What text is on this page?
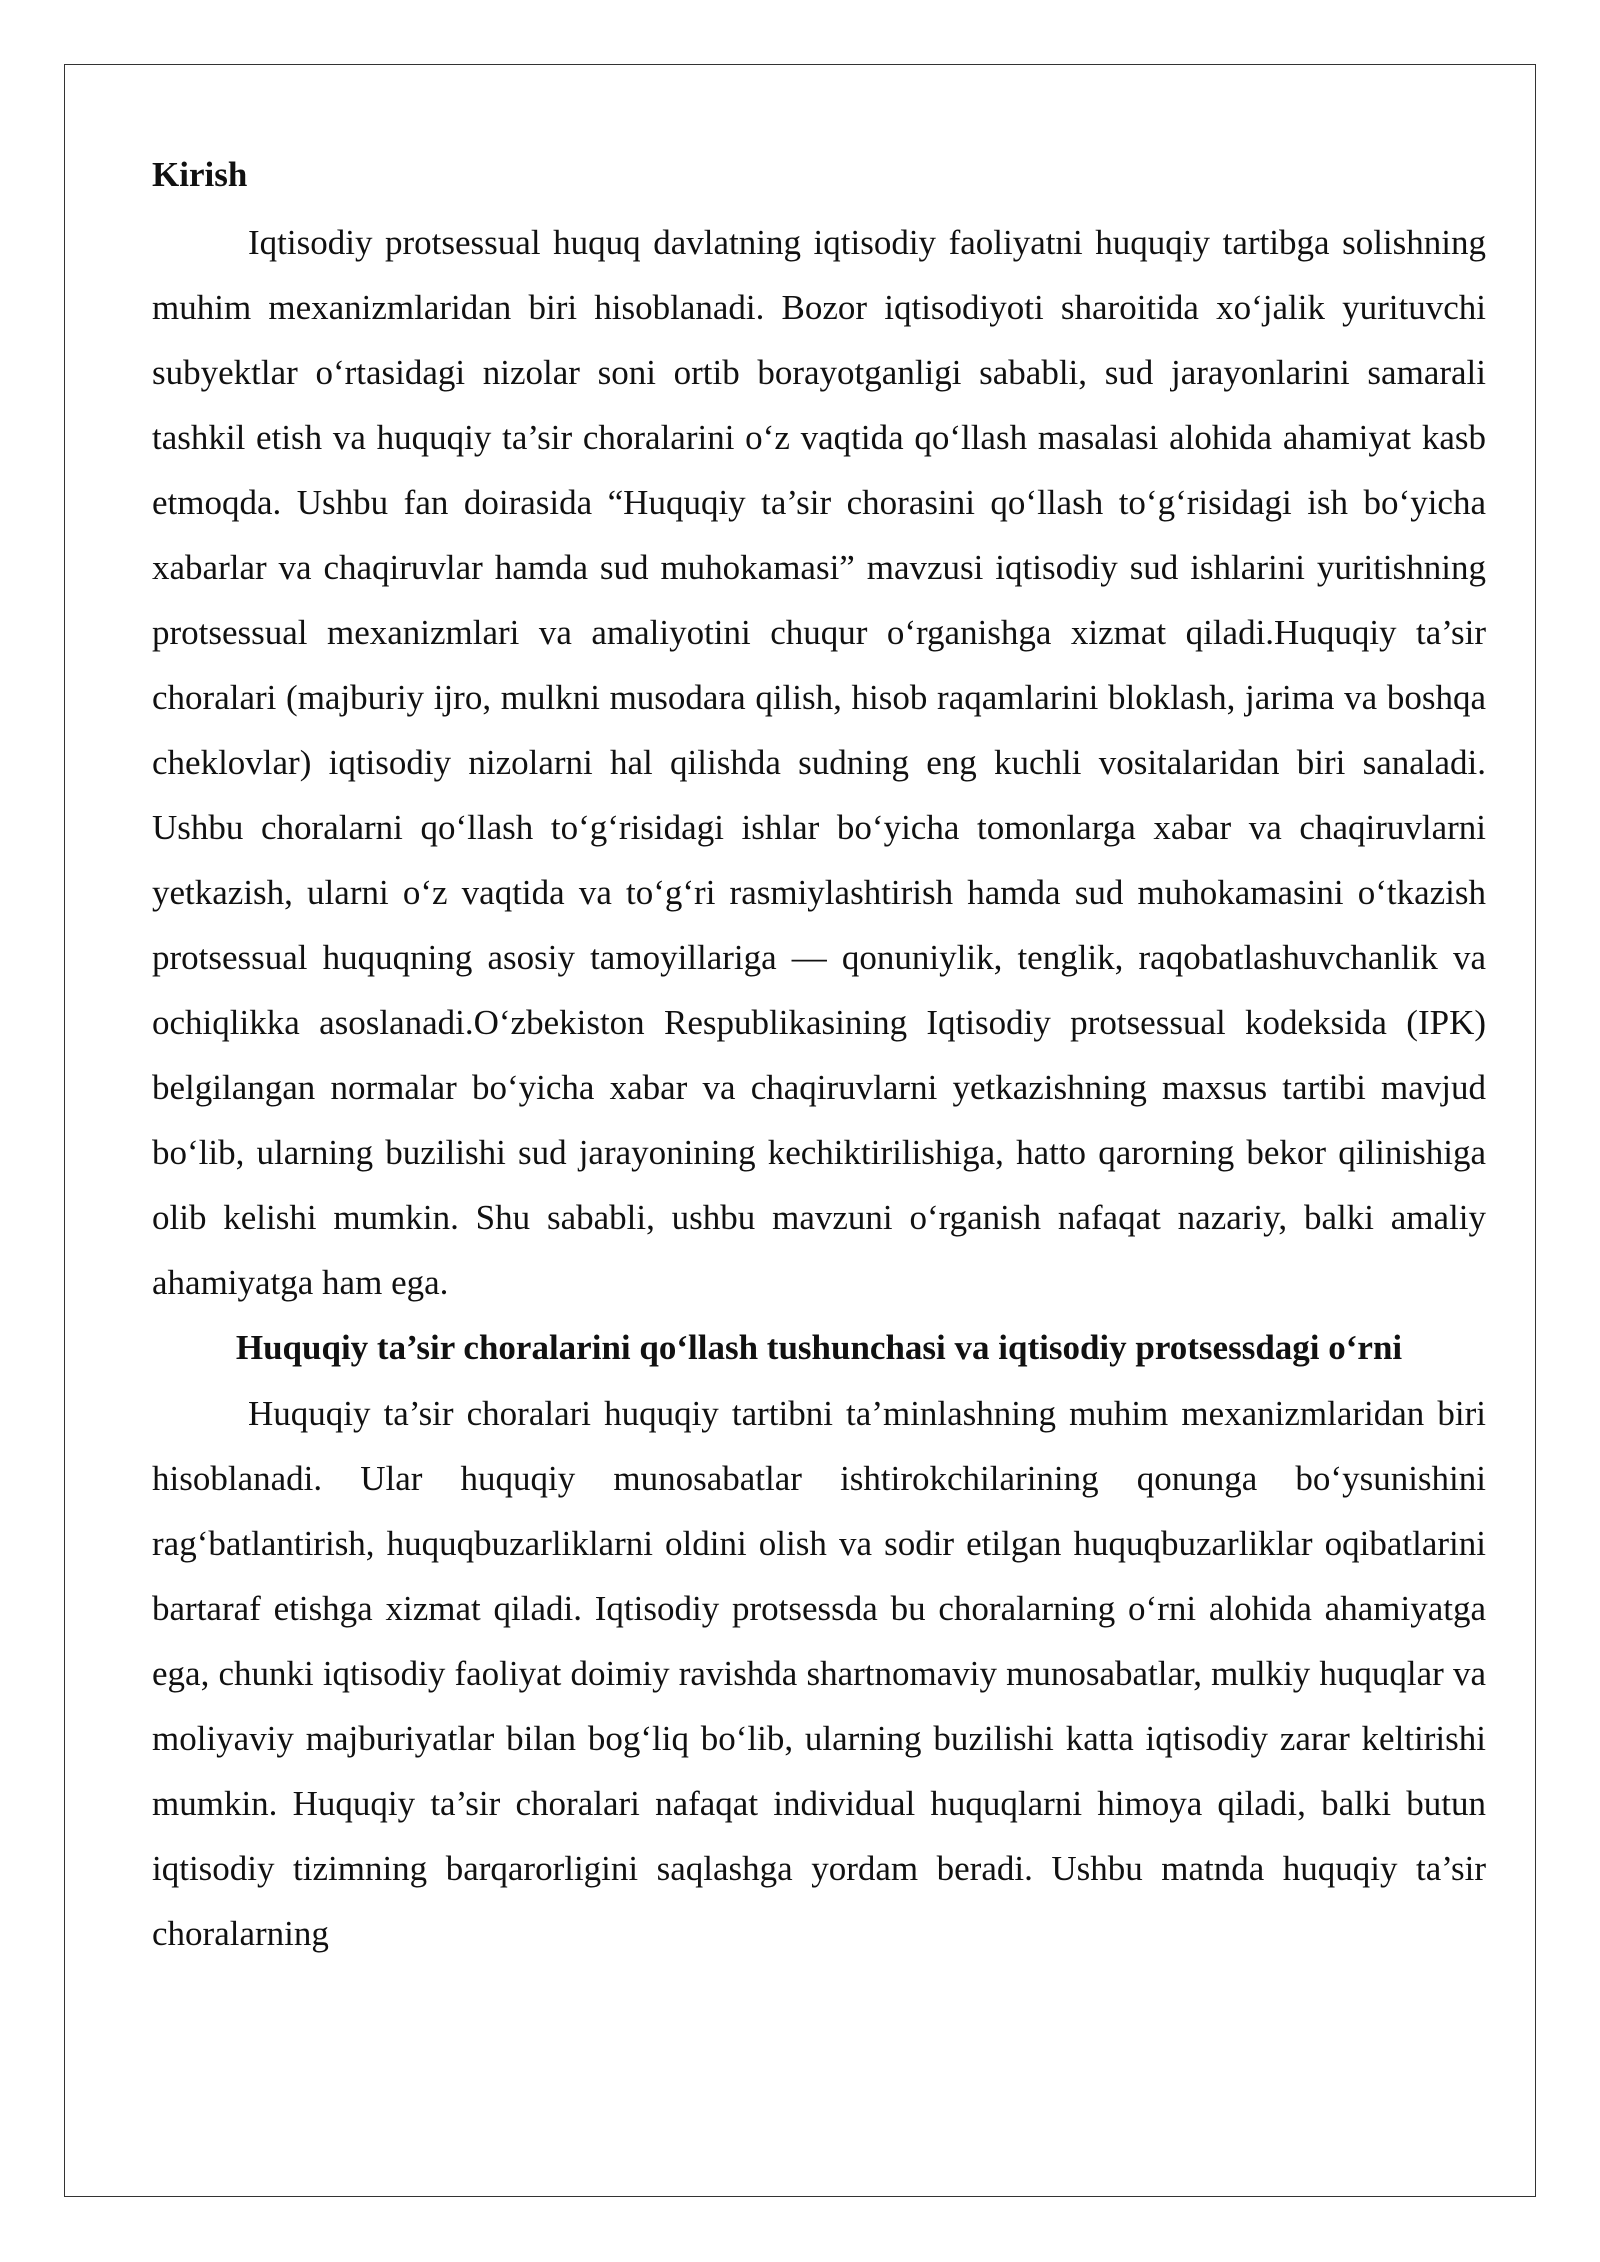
Kirish

Iqtisodiy protsessual huquq davlatning iqtisodiy faoliyatni huquqiy tartibga solishning muhim mexanizmlaridan biri hisoblanadi. Bozor iqtisodiyoti sharoitida xo‘jalik yurituvchi subyektlar o‘rtasidagi nizolar soni ortib borayotganligi sababli, sud jarayonlarini samarali tashkil etish va huquqiy ta’sir choralarini o‘z vaqtida qo‘llash masalasi alohida ahamiyat kasb etmoqda. Ushbu fan doirasida “Huquqiy ta’sir chorasini qo‘llash to‘g‘risidagi ish bo‘yicha xabarlar va chaqiruvlar hamda sud muhokamasi” mavzusi iqtisodiy sud ishlarini yuritishning protsessual mexanizmlari va amaliyotini chuqur o‘rganishga xizmat qiladi.Huquqiy ta’sir choralari (majburiy ijro, mulkni musodara qilish, hisob raqamlarini bloklash, jarima va boshqa cheklovlar) iqtisodiy nizolarni hal qilishda sudning eng kuchli vositalaridan biri sanaladi. Ushbu choralarni qo‘llash to‘g‘risidagi ishlar bo‘yicha tomonlarga xabar va chaqiruvlarni yetkazish, ularni o‘z vaqtida va to‘g‘ri rasmiylashtirish hamda sud muhokamasini o‘tkazish protsessual huquqning asosiy tamoyillariga — qonuniylik, tenglik, raqobatlashuvchanlik va ochiqlikka asoslanadi.O‘zbekiston Respublikasining Iqtisodiy protsessual kodeksida (IPK) belgilangan normalar bo‘yicha xabar va chaqiruvlarni yetkazishning maxsus tartibi mavjud bo‘lib, ularning buzilishi sud jarayonining kechiktirilishiga, hatto qarorning bekor qilinishiga olib kelishi mumkin. Shu sababli, ushbu mavzuni o‘rganish nafaqat nazariy, balki amaliy ahamiyatga ham ega.

Huquqiy ta’sir choralarini qo‘llash tushunchasi va iqtisodiy protsessdagi o‘rni

Huquqiy ta’sir choralari huquqiy tartibni ta’minlashning muhim mexanizmlaridan biri hisoblanadi. Ular huquqiy munosabatlar ishtirokchilarining qonunga bo‘ysunishini rag‘batlantirish, huquqbuzarliklarni oldini olish va sodir etilgan huquqbuzarliklar oqibatlarini bartaraf etishga xizmat qiladi. Iqtisodiy protsessda bu choralarning o‘rni alohida ahamiyatga ega, chunki iqtisodiy faoliyat doimiy ravishda shartnomaviy munosabatlar, mulkiy huquqlar va moliyaviy majburiyatlar bilan bog‘liq bo‘lib, ularning buzilishi katta iqtisodiy zarar keltirishi mumkin. Huquqiy ta’sir choralari nafaqat individual huquqlarni himoya qiladi, balki butun iqtisodiy tizimning barqarorligini saqlashga yordam beradi. Ushbu matnda huquqiy ta’sir choralarning
